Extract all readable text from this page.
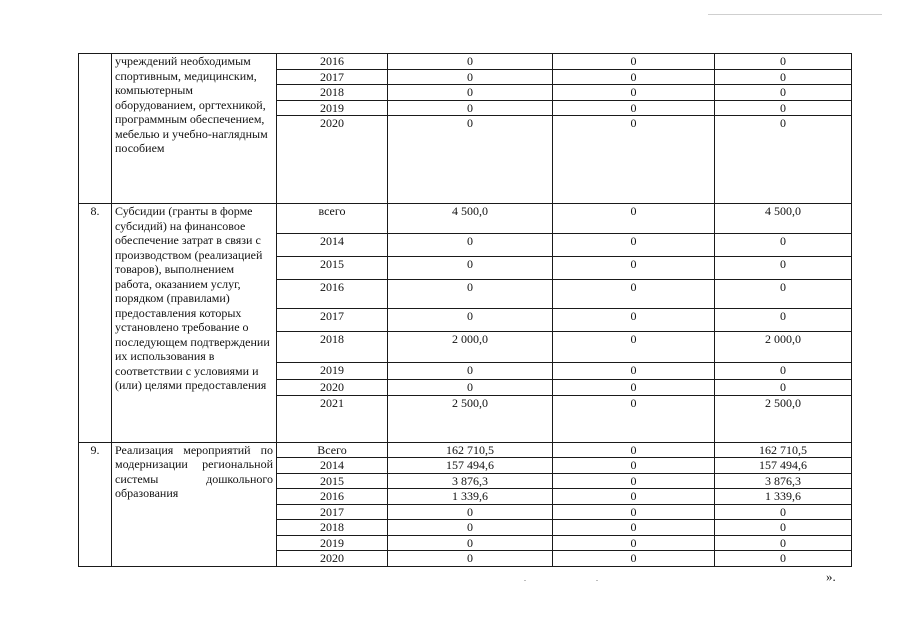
	учреждений необходимым спортивным, медицинским, компьютерным оборудованием, оргтехникой, программным обеспечением, мебелью и учебно-наглядным пособием	2016	0	0	0
		2017	0	0	0
		2018	0	0	0
		2019	0	0	0
		2020	0	0	0
8.	Субсидии (гранты в форме субсидий) на финансовое обеспечение затрат в связи с производством (реализацией товаров), выполнением работа, оказанием услуг, порядком (правилами) предоставления которых установлено требование о последующем подтверждении их использования в соответствии с условиями и (или) целями предоставления	всего	4 500,0	0	4 500,0
		2014	0	0	0
		2015	0	0	0
		2016	0	0	0
		2017	0	0	0
		2018	2 000,0	0	2 000,0
		2019	0	0	0
		2020	0	0	0
		2021	2 500,0	0	2 500,0
9.	Реализация мероприятий по модернизации региональной системы дошкольного образования	Всего	162 710,5	0	162 710,5
		2014	157 494,6	0	157 494,6
		2015	3 876,3	0	3 876,3
		2016	1 339,6	0	1 339,6
		2017	0	0	0
		2018	0	0	0
		2019	0	0	0
		2020	0	0	0
».
